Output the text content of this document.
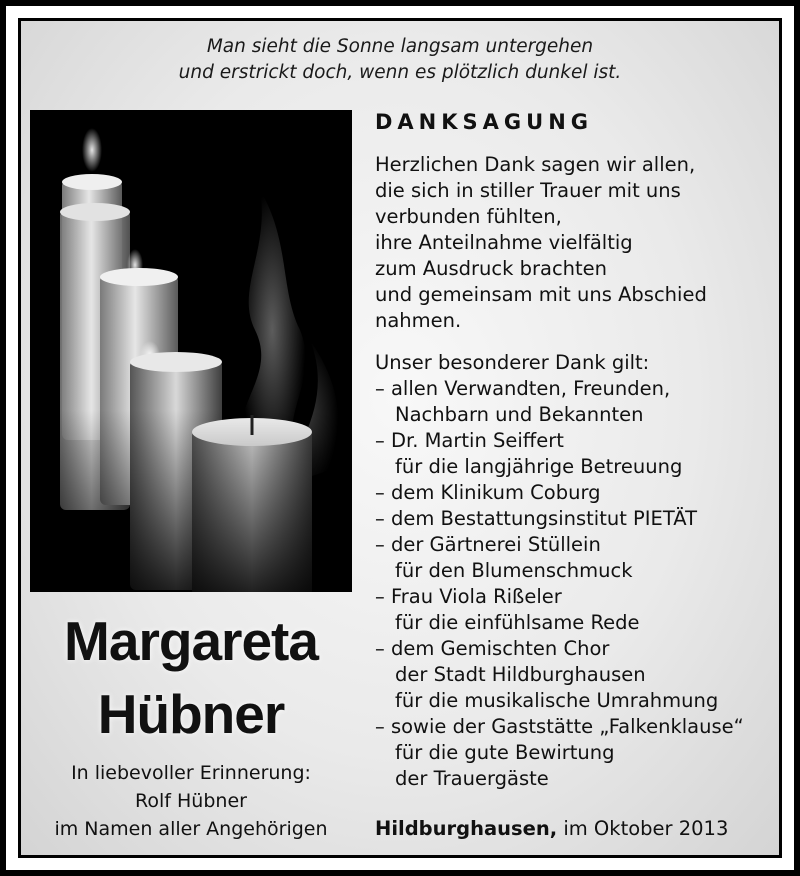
Man sieht die Sonne langsam untergehen
und erstrickt doch, wenn es plötzlich dunkel ist.
Margareta
Hübner
In liebevoller Erinnerung:
Rolf Hübner
im Namen aller Angehörigen
DANKSAGUNG
Herzlichen Dank sagen wir allen,
die sich in stiller Trauer mit uns
verbunden fühlten,
ihre Anteilnahme vielfältig
zum Ausdruck brachten
und gemeinsam mit uns Abschied
nahmen.
Unser besonderer Dank gilt:
– allen Verwandten, Freunden,
Nachbarn und Bekannten
– Dr. Martin Seiffert
für die langjährige Betreuung
– dem Klinikum Coburg
– dem Bestattungsinstitut PIETÄT
– der Gärtnerei Stüllein
für den Blumenschmuck
– Frau Viola Rißeler
für die einfühlsame Rede
– dem Gemischten Chor
der Stadt Hildburghausen
für die musikalische Umrahmung
– sowie der Gaststätte „Falkenklause“
für die gute Bewirtung
der Trauergäste
Hildburghausen, im Oktober 2013
